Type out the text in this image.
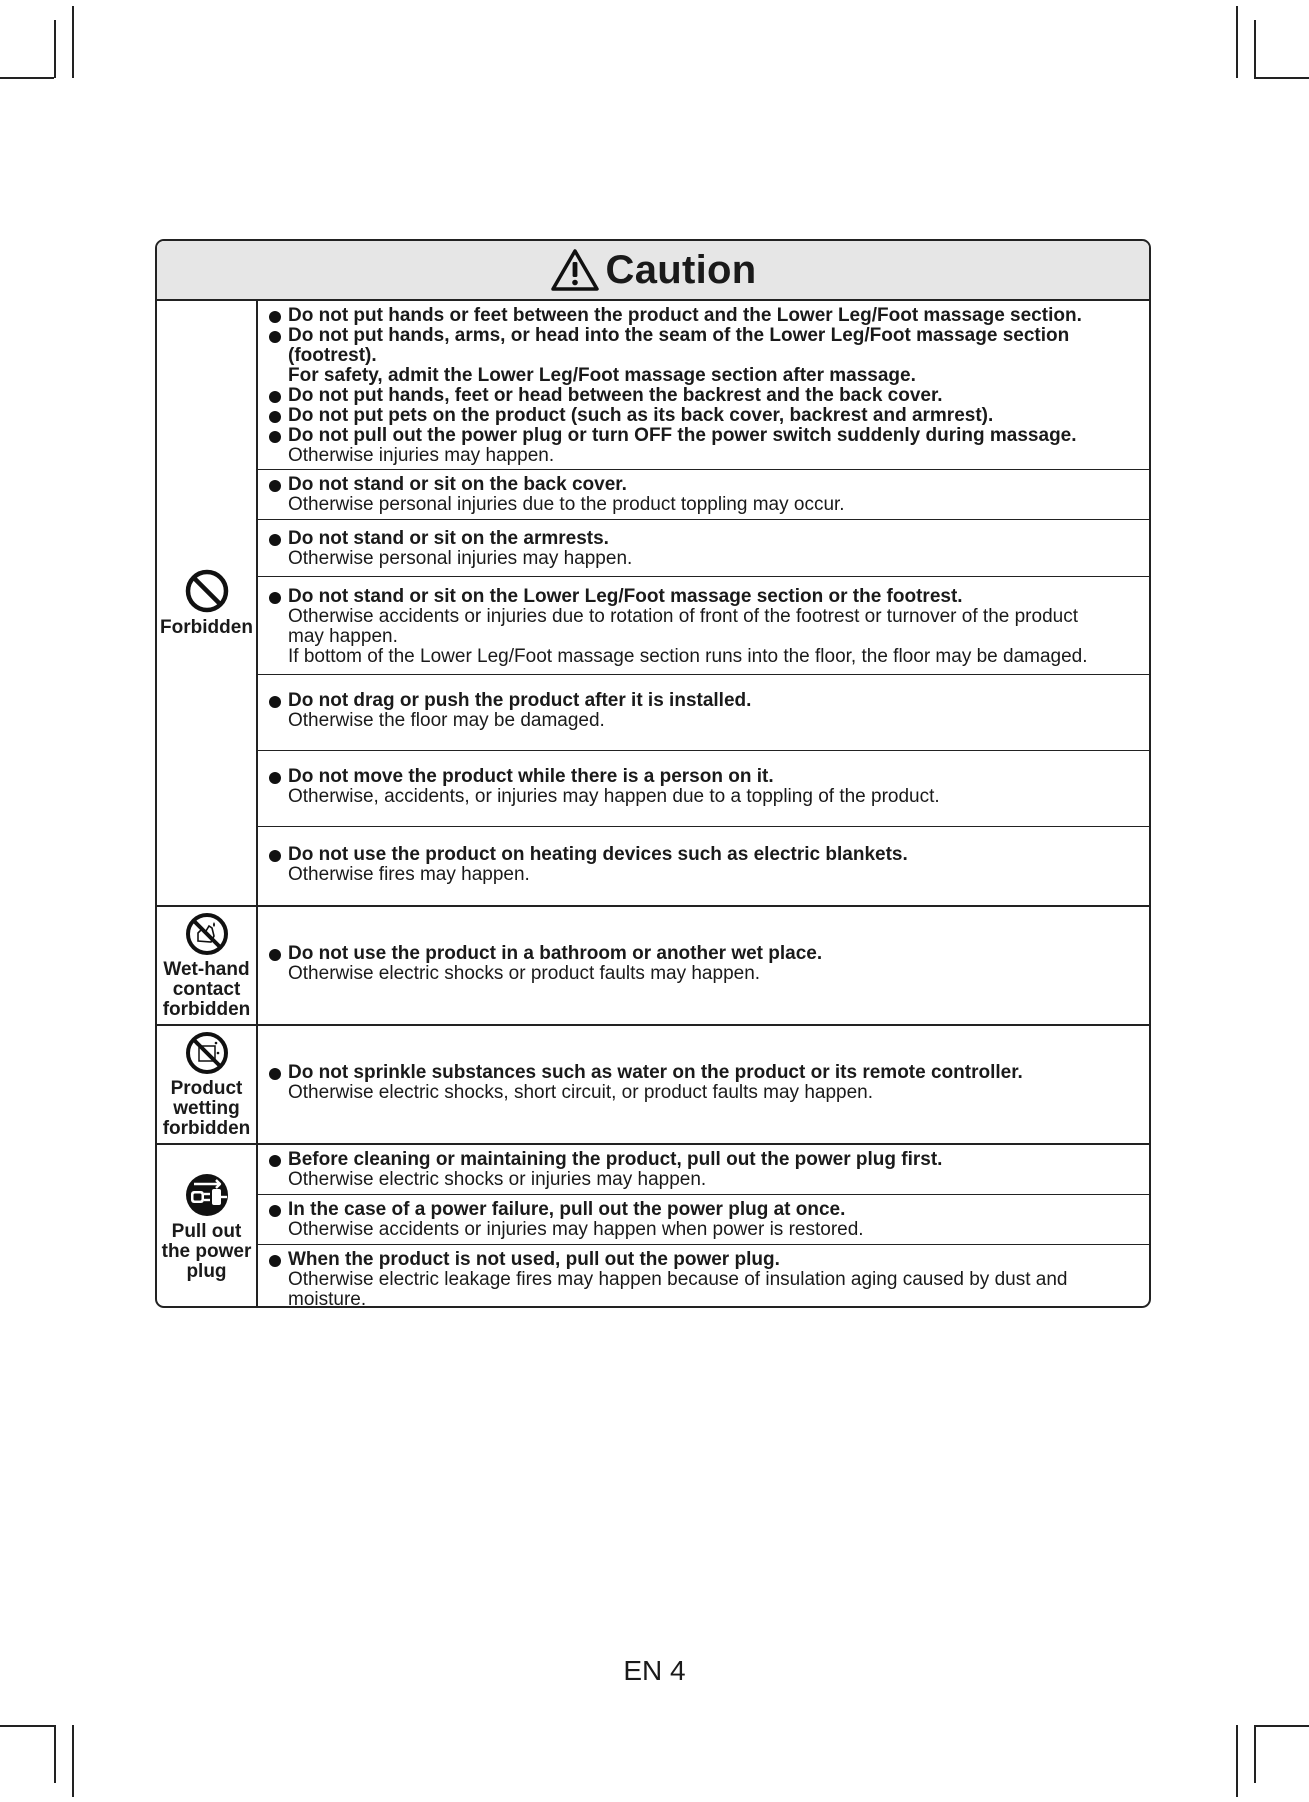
Caution
Forbidden
Do not put hands or feet between the product and the Lower Leg/Foot massage section.
Do not put hands, arms, or head into the seam of the Lower Leg/Foot massage section
(footrest).
For safety, admit the Lower Leg/Foot massage section after massage.
Do not put hands, feet or head between the backrest and the back cover.
Do not put pets on the product (such as its back cover, backrest and armrest).
Do not pull out the power plug or turn OFF the power switch suddenly during massage.
Otherwise injuries may happen.
Do not stand or sit on the back cover.
Otherwise personal injuries due to the product toppling may occur.
Do not stand or sit on the armrests.
Otherwise personal injuries may happen.
Do not stand or sit on the Lower Leg/Foot massage section or the footrest.
Otherwise accidents or injuries due to rotation of front of the footrest or turnover of the product
may happen.
If bottom of the Lower Leg/Foot massage section runs into the floor, the floor may be damaged.
Do not drag or push the product after it is installed.
Otherwise the floor may be damaged.
Do not move the product while there is a person on it.
Otherwise, accidents, or injuries may happen due to a toppling of the product.
Do not use the product on heating devices such as electric blankets.
Otherwise fires may happen.
Wet-hand
contact
forbidden
Do not use the product in a bathroom or another wet place.
Otherwise electric shocks or product faults may happen.
Product
wetting
forbidden
Do not sprinkle substances such as water on the product or its remote controller.
Otherwise electric shocks, short circuit, or product faults may happen.
Pull out
the power
plug
Before cleaning or maintaining the product, pull out the power plug first.
Otherwise electric shocks or injuries may happen.
In the case of a power failure, pull out the power plug at once.
Otherwise accidents or injuries may happen when power is restored.
When the product is not used, pull out the power plug.
Otherwise electric leakage fires may happen because of insulation aging caused by dust and
moisture.
EN 4
